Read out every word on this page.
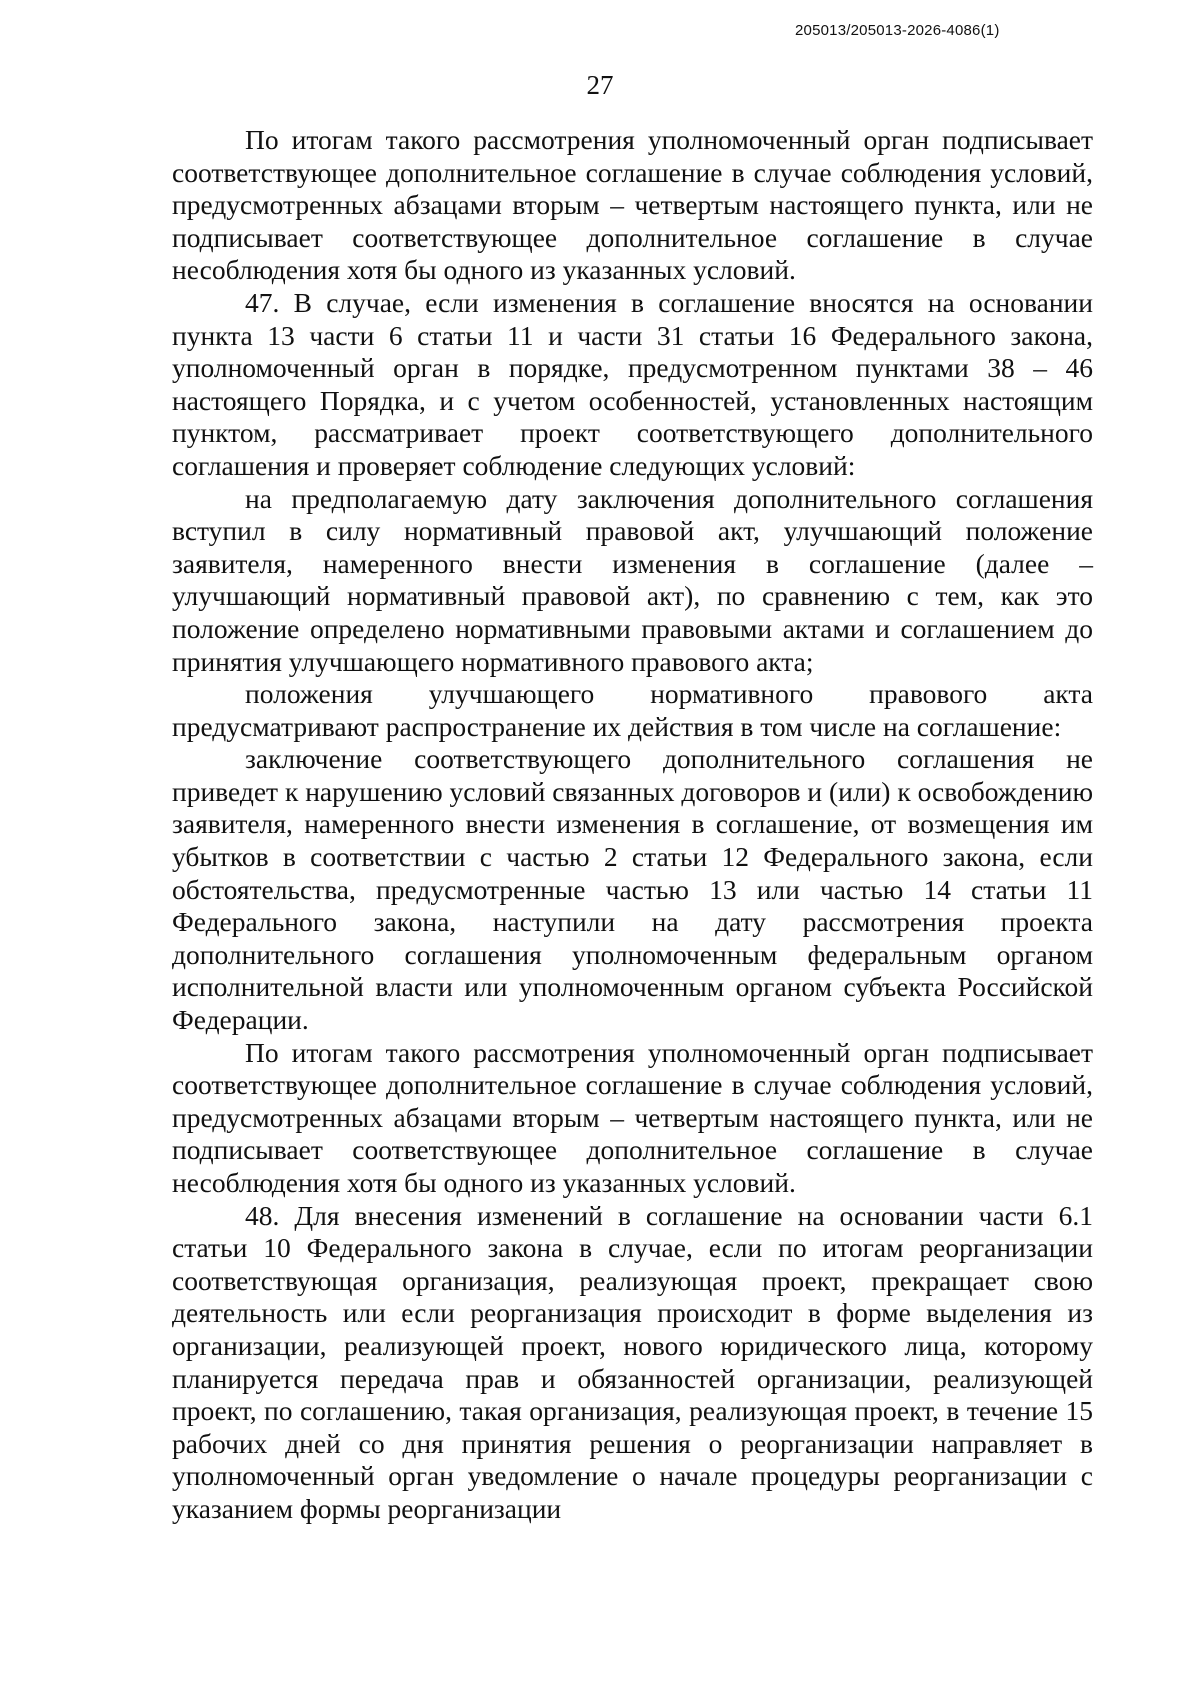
205013/205013-2026-4086(1)
27

По итогам такого рассмотрения уполномоченный орган подписывает соответствующее дополнительное соглашение в случае соблюдения условий, предусмотренных абзацами вторым – четвертым настоящего пункта, или не подписывает соответствующее дополнительное соглашение в случае несоблюдения хотя бы одного из указанных условий.

47. В случае, если изменения в соглашение вносятся на основании пункта 13 части 6 статьи 11 и части 31 статьи 16 Федерального закона, уполномоченный орган в порядке, предусмотренном пунктами 38 – 46 настоящего Порядка, и с учетом особенностей, установленных настоящим пунктом, рассматривает проект соответствующего дополнительного соглашения и проверяет соблюдение следующих условий:

на предполагаемую дату заключения дополнительного соглашения вступил в силу нормативный правовой акт, улучшающий положение заявителя, намеренного внести изменения в соглашение (далее – улучшающий нормативный правовой акт), по сравнению с тем, как это положение определено нормативными правовыми актами и соглашением до принятия улучшающего нормативного правового акта;

положения улучшающего нормативного правового акта предусматривают распространение их действия в том числе на соглашение:

заключение соответствующего дополнительного соглашения не приведет к нарушению условий связанных договоров и (или) к освобождению заявителя, намеренного внести изменения в соглашение, от возмещения им убытков в соответствии с частью 2 статьи 12 Федерального закона, если обстоятельства, предусмотренные частью 13 или частью 14 статьи 11 Федерального закона, наступили на дату рассмотрения проекта дополнительного соглашения уполномоченным федеральным органом исполнительной власти или уполномоченным органом субъекта Российской Федерации.

По итогам такого рассмотрения уполномоченный орган подписывает соответствующее дополнительное соглашение в случае соблюдения условий, предусмотренных абзацами вторым – четвертым настоящего пункта, или не подписывает соответствующее дополнительное соглашение в случае несоблюдения хотя бы одного из указанных условий.

48. Для внесения изменений в соглашение на основании части 6.1 статьи 10 Федерального закона в случае, если по итогам реорганизации соответствующая организация, реализующая проект, прекращает свою деятельность или если реорганизация происходит в форме выделения из организации, реализующей проект, нового юридического лица, которому планируется передача прав и обязанностей организации, реализующей проект, по соглашению, такая организация, реализующая проект, в течение 15 рабочих дней со дня принятия решения о реорганизации направляет в уполномоченный орган уведомление о начале процедуры реорганизации с указанием формы реорганизации
